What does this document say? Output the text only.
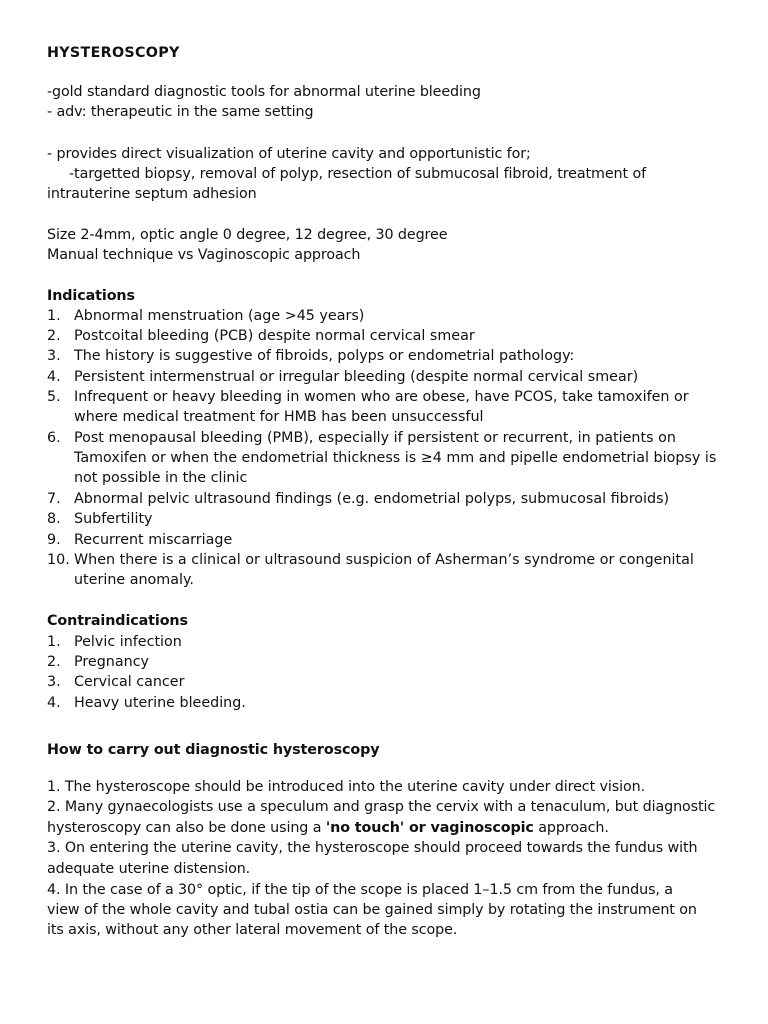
HYSTEROSCOPY
-gold standard diagnostic tools for abnormal uterine bleeding
- adv: therapeutic in the same setting
- provides direct visualization of uterine cavity and opportunistic for;
-targetted biopsy, removal of polyp, resection of submucosal fibroid, treatment of
intrauterine septum adhesion
Size 2-4mm, optic angle 0 degree, 12 degree, 30 degree
Manual technique vs Vaginoscopic approach
Indications
1. Abnormal menstruation (age >45 years)
2. Postcoital bleeding (PCB) despite normal cervical smear
3. The history is suggestive of fibroids, polyps or endometrial pathology:
4. Persistent intermenstrual or irregular bleeding (despite normal cervical smear)
5. Infrequent or heavy bleeding in women who are obese, have PCOS, take tamoxifen or
where medical treatment for HMB has been unsuccessful
6. Post menopausal bleeding (PMB), especially if persistent or recurrent, in patients on
Tamoxifen or when the endometrial thickness is ≥4 mm and pipelle endometrial biopsy is
not possible in the clinic
7. Abnormal pelvic ultrasound findings (e.g. endometrial polyps, submucosal fibroids)
8. Subfertility
9. Recurrent miscarriage
10. When there is a clinical or ultrasound suspicion of Asherman’s syndrome or congenital
uterine anomaly.
Contraindications
1. Pelvic infection
2. Pregnancy
3. Cervical cancer
4. Heavy uterine bleeding.
How to carry out diagnostic hysteroscopy
1. The hysteroscope should be introduced into the uterine cavity under direct vision.
2. Many gynaecologists use a speculum and grasp the cervix with a tenaculum, but diagnostic
hysteroscopy can also be done using a 'no touch' or vaginoscopic approach.
3. On entering the uterine cavity, the hysteroscope should proceed towards the fundus with
adequate uterine distension.
4. In the case of a 30° optic, if the tip of the scope is placed 1–1.5 cm from the fundus, a
view of the whole cavity and tubal ostia can be gained simply by rotating the instrument on
its axis, without any other lateral movement of the scope.
